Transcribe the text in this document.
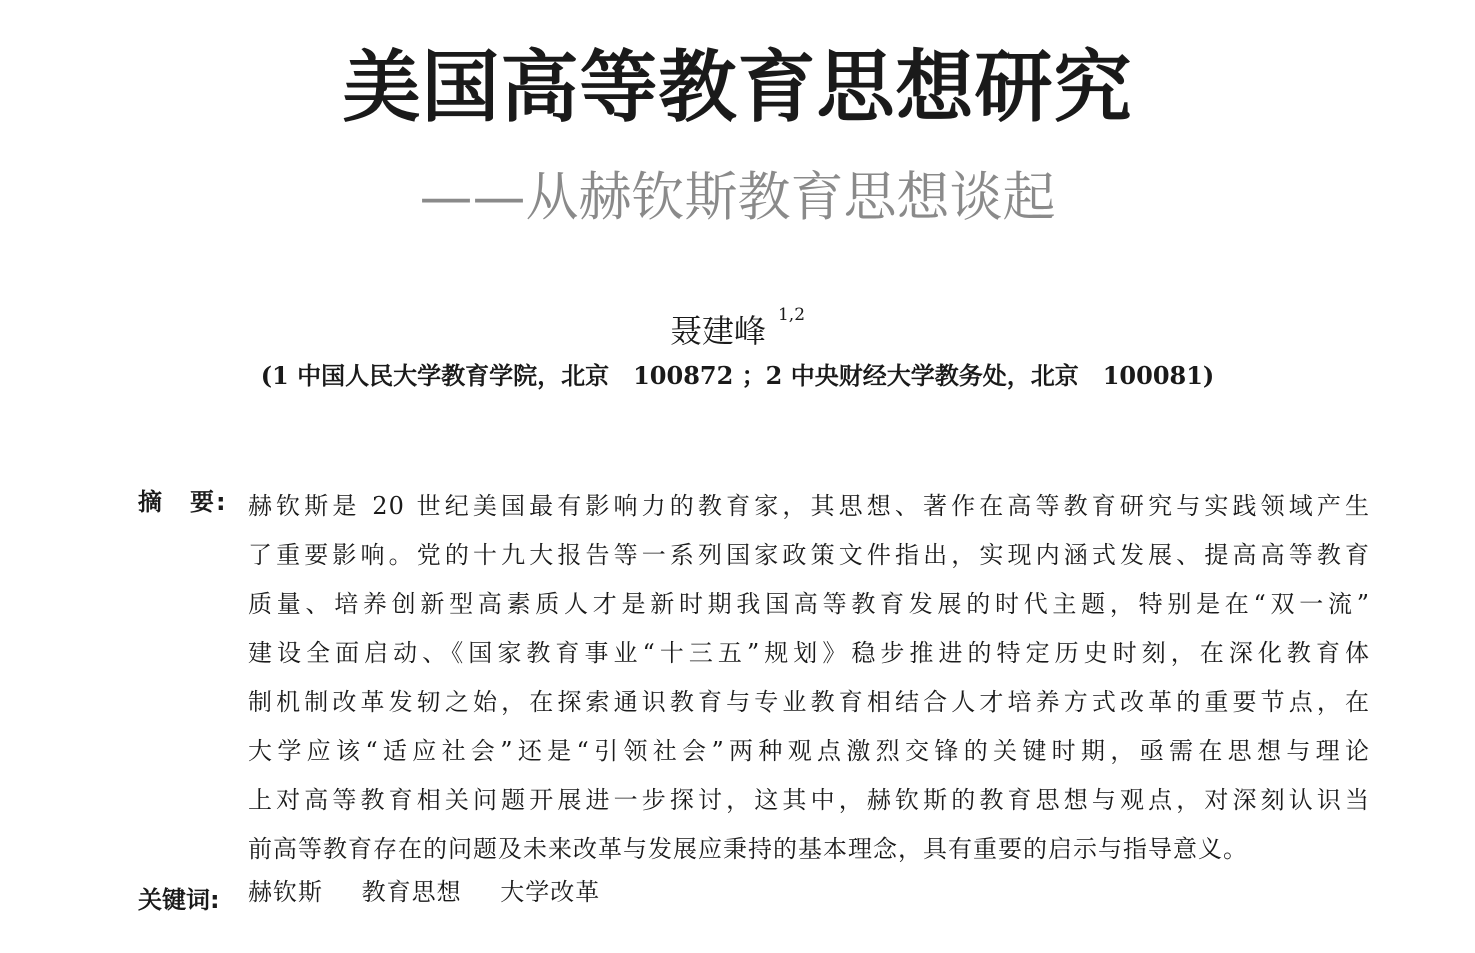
美国高等教育思想研究
——从赫钦斯教育思想谈起
聂建峰 $^{1,2}$
(1 中国人民大学教育学院，北京　100872 ；2 中央财经大学教务处，北京　100081)
摘　要: 赫钦斯是 20 世纪美国最有影响力的教育家，其思想、著作在高等教育研究与实践领域产生
了重要影响。党的十九大报告等一系列国家政策文件指出，实现内涵式发展、提高高等教育
质量、培养创新型高素质人才是新时期我国高等教育发展的时代主题，特别是在“双一流”
建设全面启动、《国家教育事业“十三五”规划》稳步推进的特定历史时刻，在深化教育体
制机制改革发轫之始，在探索通识教育与专业教育相结合人才培养方式改革的重要节点，在
大学应该“适应社会”还是“引领社会”两种观点激烈交锋的关键时期，亟需在思想与理论
上对高等教育相关问题开展进一步探讨，这其中，赫钦斯的教育思想与观点，对深刻认识当
前高等教育存在的问题及未来改革与发展应秉持的基本理念，具有重要的启示与指导意义。
关键词: 赫钦斯 教育思想 大学改革
